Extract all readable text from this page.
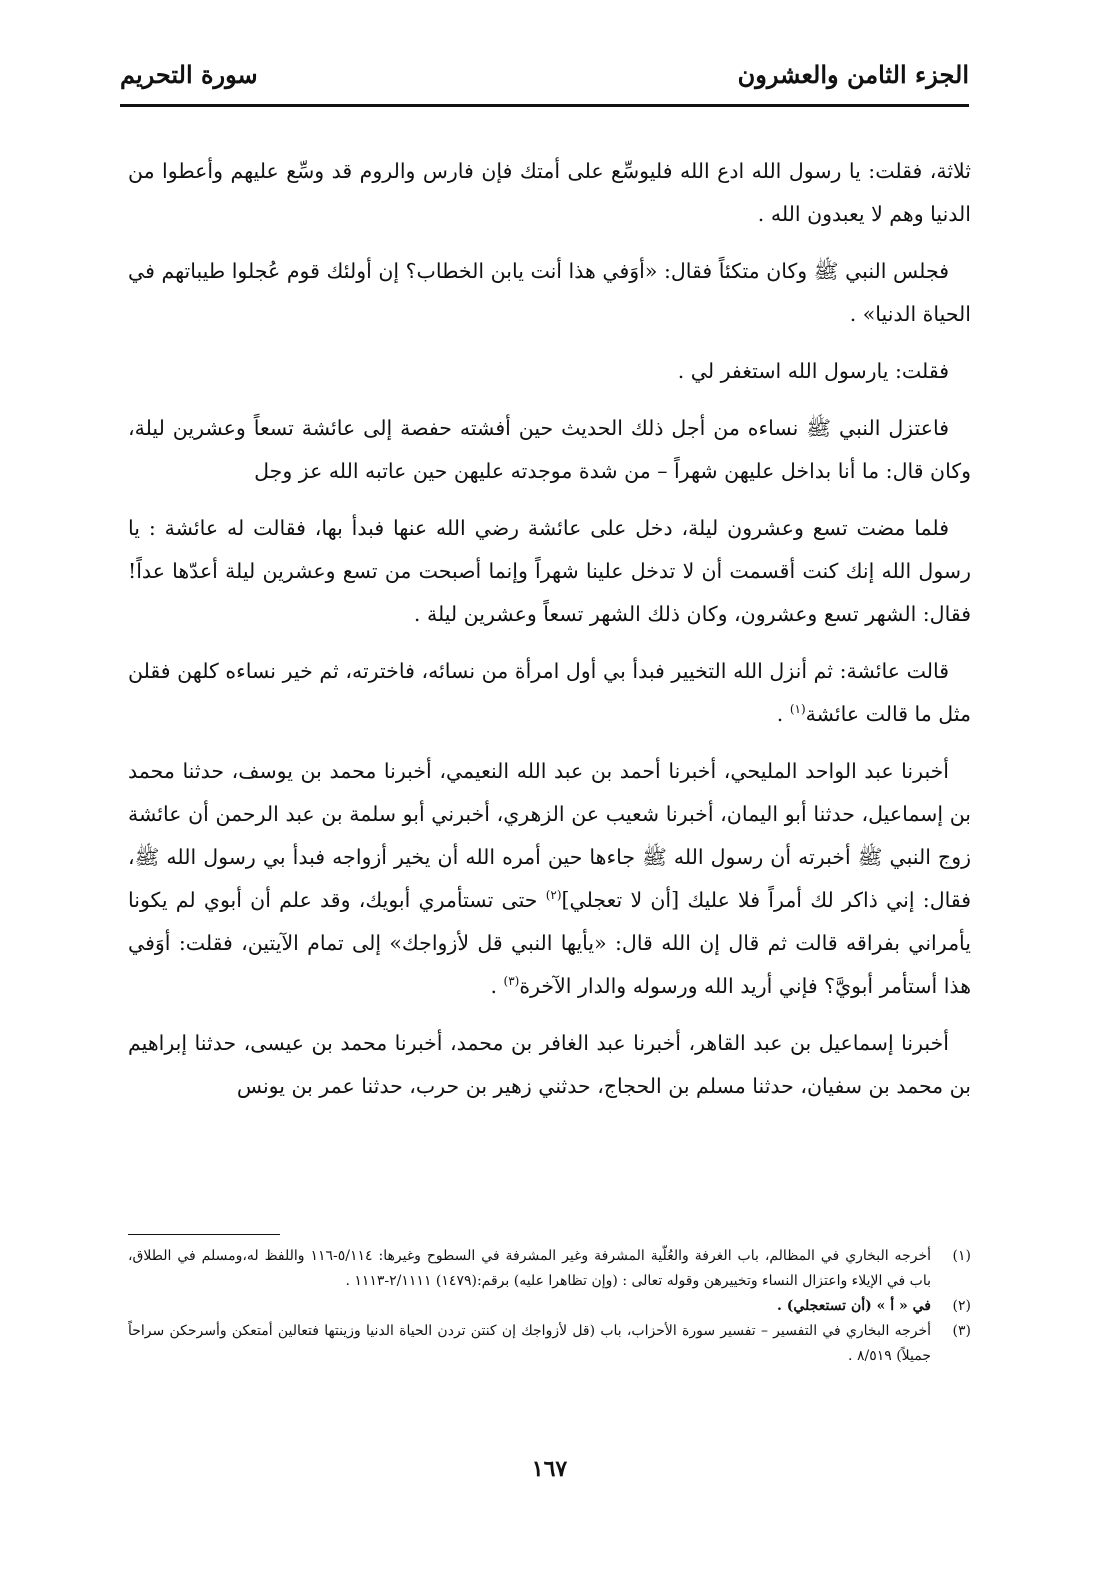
الجزء الثامن والعشرون
سورة التحريم

ثلاثة، فقلت: يا رسول الله ادع الله فليوسِّع على أمتك فإن فارس والروم قد وسِّع عليهم وأعطوا من الدنيا وهم لا يعبدون الله .

فجلس النبي ﷺ وكان متكئاً فقال: «أوَفي هذا أنت يابن الخطاب؟ إن أولئك قوم عُجلوا طيباتهم في الحياة الدنيا» .

فقلت: يارسول الله استغفر لي .

فاعتزل النبي ﷺ نساءه من أجل ذلك الحديث حين أفشته حفصة إلى عائشة تسعاً وعشرين ليلة، وكان قال: ما أنا بداخل عليهن شهراً – من شدة موجدته عليهن حين عاتبه الله عز وجل

فلما مضت تسع وعشرون ليلة، دخل على عائشة رضي الله عنها فبدأ بها، فقالت له عائشة : يا رسول الله إنك كنت أقسمت أن لا تدخل علينا شهراً وإنما أصبحت من تسع وعشرين ليلة أعدّها عداً! فقال: الشهر تسع وعشرون، وكان ذلك الشهر تسعاً وعشرين ليلة .

قالت عائشة: ثم أنزل الله التخيير فبدأ بي أول امرأة من نسائه، فاخترته، ثم خير نساءه كلهن فقلن مثل ما قالت عائشة$^{(١)}$ .

أخبرنا عبد الواحد المليحي، أخبرنا أحمد بن عبد الله النعيمي، أخبرنا محمد بن يوسف، حدثنا محمد بن إسماعيل، حدثنا أبو اليمان، أخبرنا شعيب عن الزهري، أخبرني أبو سلمة بن عبد الرحمن أن عائشة زوج النبي ﷺ أخبرته أن رسول الله ﷺ جاءها حين أمره الله أن يخير أزواجه فبدأ بي رسول الله ﷺ، فقال: إني ذاكر لك أمراً فلا عليك [أن لا تعجلي]$^{(٢)}$ حتى تستأمري أبويك، وقد علم أن أبوي لم يكونا يأمراني بفراقه قالت ثم قال إن الله قال: «يأيها النبي قل لأزواجك» إلى تمام الآيتين، فقلت: أوَفي هذا أستأمر أبويَّ؟ فإني أريد الله ورسوله والدار الآخرة$^{(٣)}$ .

أخبرنا إسماعيل بن عبد القاهر، أخبرنا عبد الغافر بن محمد، أخبرنا محمد بن عيسى، حدثنا إبراهيم بن محمد بن سفيان، حدثنا مسلم بن الحجاج، حدثني زهير بن حرب، حدثنا عمر بن يونس

(١)
أخرجه البخاري في المظالم، باب الغرفة والعُلّية المشرفة وغير المشرفة في السطوح وغيرها: ٥/١١٤-١١٦ واللفظ له،ومسلم في الطلاق، باب في الإيلاء واعتزال النساء وتخييرهن وقوله تعالى : (وإن تظاهرا عليه) برقم:(١٤٧٩) ٢/١١١١-١١١٣ .
(٢)
في « أ » (أن تستعجلي) .
(٣)
أخرجه البخاري في التفسير – تفسير سورة الأحزاب، باب (قل لأزواجك إن كنتن تردن الحياة الدنيا وزينتها فتعالين أمتعكن وأسرحكن سراحاً جميلاً) ٨/٥١٩ .
١٦٧
